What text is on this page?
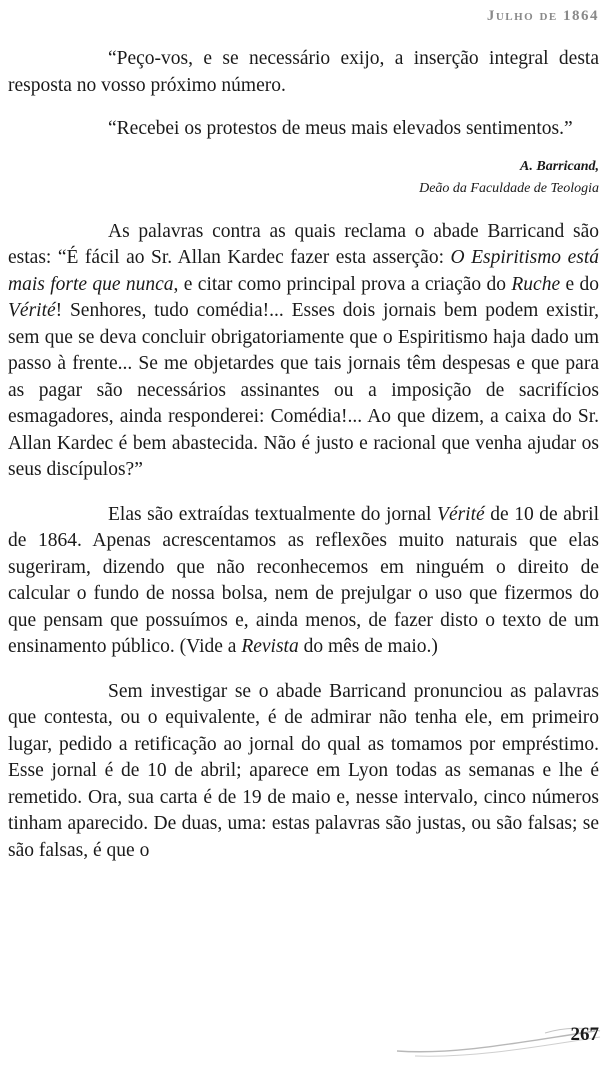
Julho de 1864

“Peço-vos, e se necessário exijo, a inserção integral desta resposta no vosso próximo número.

“Recebei os protestos de meus mais elevados sentimentos.”

A. Barricand,
Deão da Faculdade de Teologia

As palavras contra as quais reclama o abade Barricand são estas: “É fácil ao Sr. Allan Kardec fazer esta asserção: O Espiritismo está mais forte que nunca, e citar como principal prova a criação do Ruche e do Vérité! Senhores, tudo comédia!... Esses dois jornais bem podem existir, sem que se deva concluir obrigatoriamente que o Espiritismo haja dado um passo à frente... Se me objetardes que tais jornais têm despesas e que para as pagar são necessários assinantes ou a imposição de sacrifícios esmagadores, ainda responderei: Comédia!... Ao que dizem, a caixa do Sr. Allan Kardec é bem abastecida. Não é justo e racional que venha ajudar os seus discípulos?”

Elas são extraídas textualmente do jornal Vérité de 10 de abril de 1864. Apenas acrescentamos as reflexões muito naturais que elas sugeriram, dizendo que não reconhecemos em ninguém o direito de calcular o fundo de nossa bolsa, nem de prejulgar o uso que fizermos do que pensam que possuímos e, ainda menos, de fazer disto o texto de um ensinamento público. (Vide a Revista do mês de maio.)

Sem investigar se o abade Barricand pronunciou as palavras que contesta, ou o equivalente, é de admirar não tenha ele, em primeiro lugar, pedido a retificação ao jornal do qual as tomamos por empréstimo. Esse jornal é de 10 de abril; aparece em Lyon todas as semanas e lhe é remetido. Ora, sua carta é de 19 de maio e, nesse intervalo, cinco números tinham aparecido. De duas, uma: estas palavras são justas, ou são falsas; se são falsas, é que o

267
